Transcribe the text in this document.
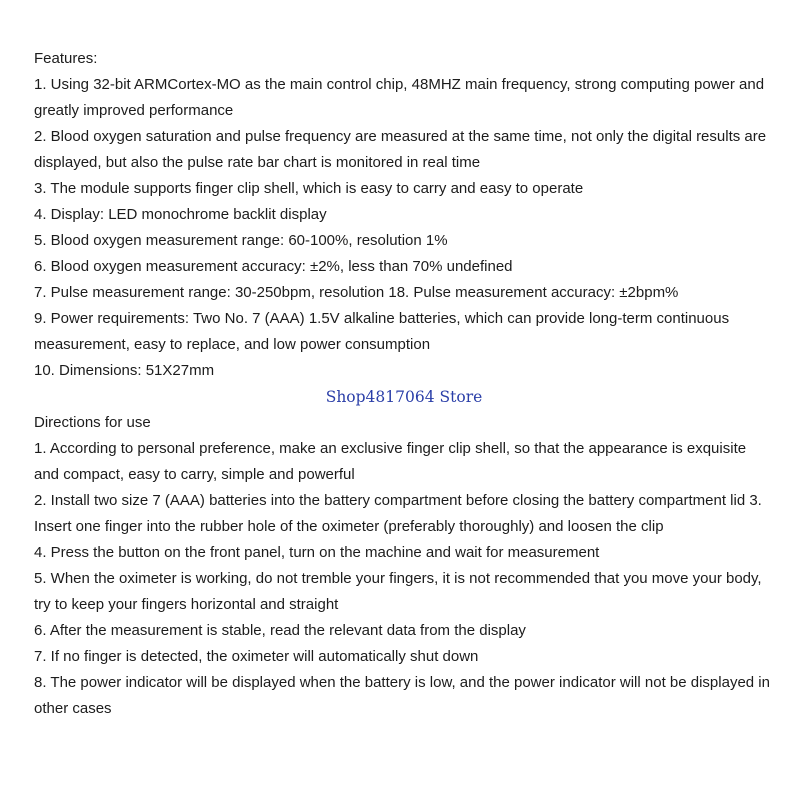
Features:

1. Using 32-bit ARMCortex-MO as the main control chip, 48MHZ main frequency, strong computing power and greatly improved performance

2. Blood oxygen saturation and pulse frequency are measured at the same time, not only the digital results are displayed, but also the pulse rate bar chart is monitored in real time

3. The module supports finger clip shell, which is easy to carry and easy to operate

4. Display: LED monochrome backlit display

5. Blood oxygen measurement range: 60-100%, resolution 1%

6. Blood oxygen measurement accuracy: ±2%, less than 70% undefined

7. Pulse measurement range: 30-250bpm, resolution 18. Pulse measurement accuracy: ±2bpm%

9. Power requirements: Two No. 7 (AAA) 1.5V alkaline batteries, which can provide long-term continuous measurement, easy to replace, and low power consumption

10. Dimensions: 51X27mm

Shop4817064 Store

Directions for use

1. According to personal preference, make an exclusive finger clip shell, so that the appearance is exquisite and compact, easy to carry, simple and powerful

2. Install two size 7 (AAA) batteries into the battery compartment before closing the battery compartment lid 3. Insert one finger into the rubber hole of the oximeter (preferably thoroughly) and loosen the clip

4. Press the button on the front panel, turn on the machine and wait for measurement

5. When the oximeter is working, do not tremble your fingers, it is not recommended that you move your body, try to keep your fingers horizontal and straight

6. After the measurement is stable, read the relevant data from the display

7. If no finger is detected, the oximeter will automatically shut down

8. The power indicator will be displayed when the battery is low, and the power indicator will not be displayed in other cases
